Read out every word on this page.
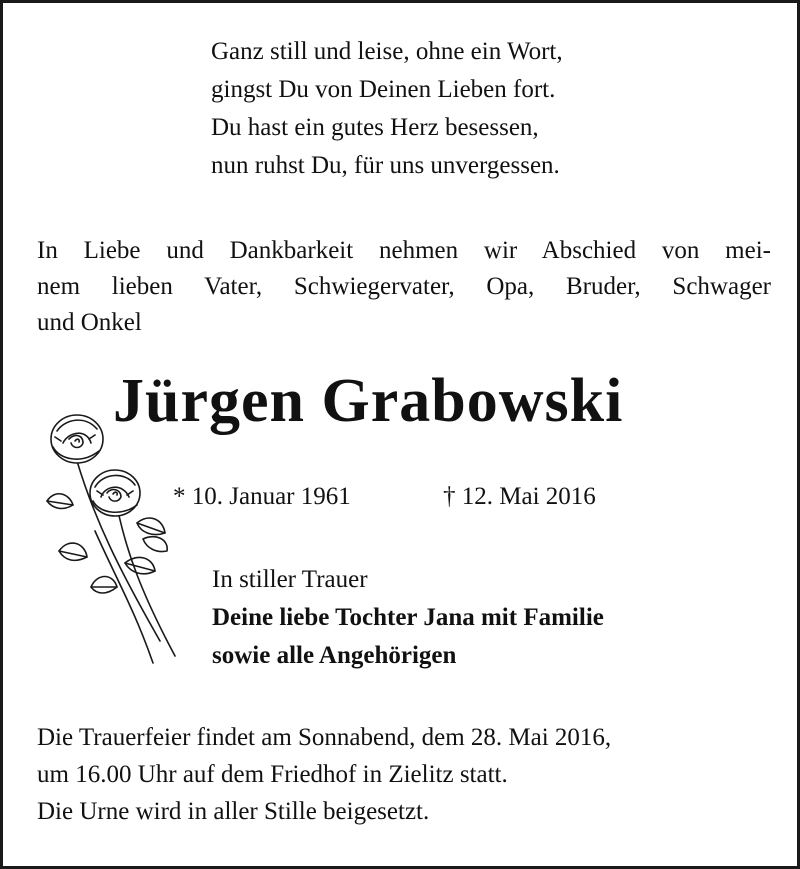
Ganz still und leise, ohne ein Wort,
gingst Du von Deinen Lieben fort.
Du hast ein gutes Herz besessen,
nun ruhst Du, für uns unvergessen.
In Liebe und Dankbarkeit nehmen wir Abschied von mei-
nem lieben Vater, Schwiegervater, Opa, Bruder, Schwager
und Onkel
Jürgen Grabowski
* 10. Januar 1961	† 12. Mai 2016
In stiller Trauer
Deine liebe Tochter Jana mit Familie
sowie alle Angehörigen
Die Trauerfeier findet am Sonnabend, dem 28. Mai 2016,
um 16.00 Uhr auf dem Friedhof in Zielitz statt.
Die Urne wird in aller Stille beigesetzt.
